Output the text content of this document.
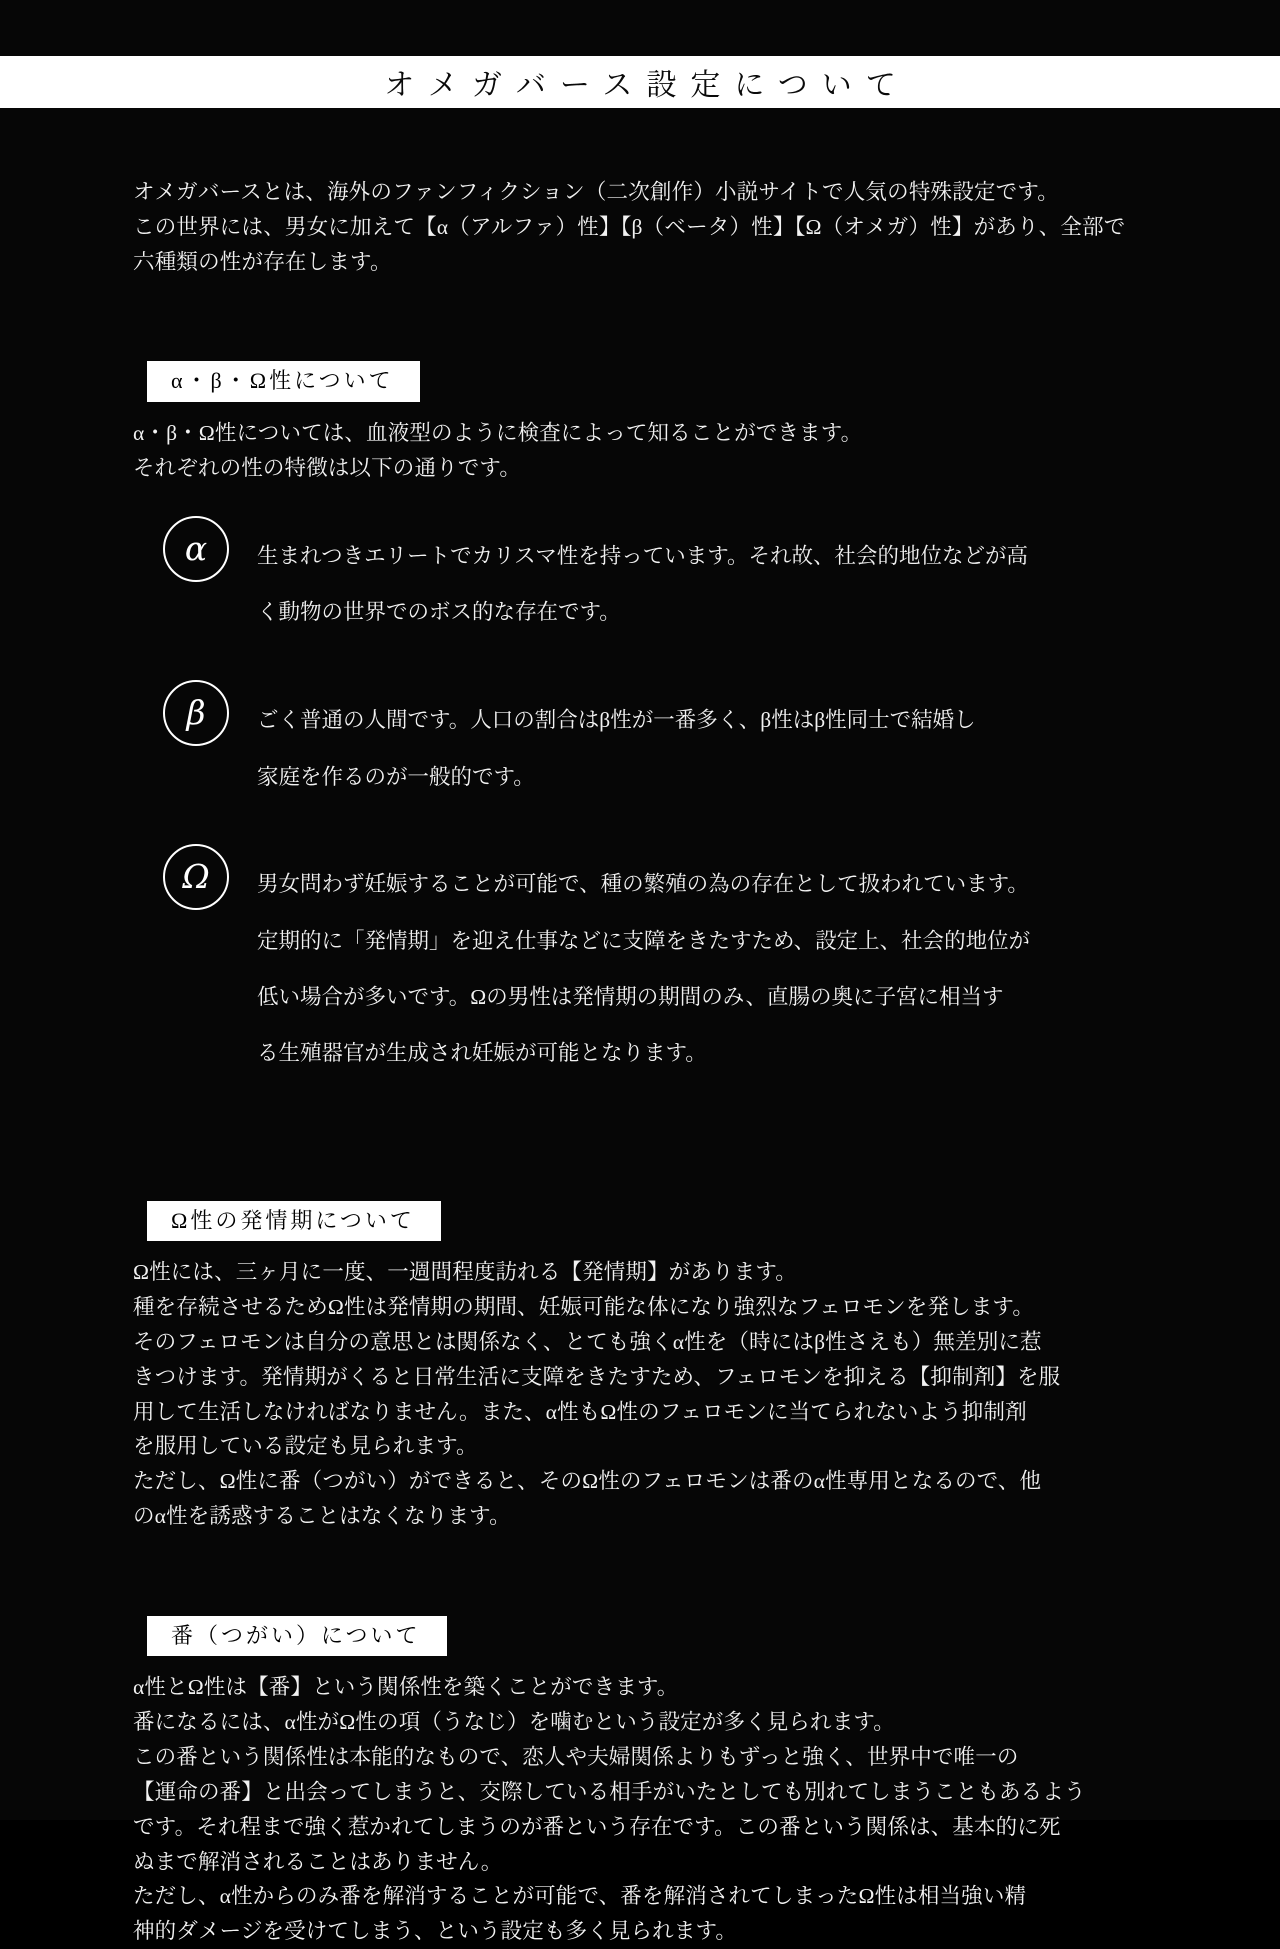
オメガバース設定について

オメガバースとは、海外のファンフィクション（二次創作）小説サイトで人気の特殊設定です。

この世界には、男女に加えて【α（アルファ）性】【β（ベータ）性】【Ω（オメガ）性】があり、全部で

六種類の性が存在します。

α・β・Ω性について

α・β・Ω性については、血液型のように検査によって知ることができます。

それぞれの性の特徴は以下の通りです。

α	生まれつきエリートでカリスマ性を持っています。それ故、社会的地位などが高

く動物の世界でのボス的な存在です。

β	ごく普通の人間です。人口の割合はβ性が一番多く、β性はβ性同士で結婚し

家庭を作るのが一般的です。

Ω	男女問わず妊娠することが可能で、種の繁殖の為の存在として扱われています。

定期的に「発情期」を迎え仕事などに支障をきたすため、設定上、社会的地位が

低い場合が多いです。Ωの男性は発情期の期間のみ、直腸の奥に子宮に相当す

る生殖器官が生成され妊娠が可能となります。

Ω性の発情期について

Ω性には、三ヶ月に一度、一週間程度訪れる【発情期】があります。

種を存続させるためΩ性は発情期の期間、妊娠可能な体になり強烈なフェロモンを発します。

そのフェロモンは自分の意思とは関係なく、とても強くα性を（時にはβ性さえも）無差別に惹

きつけます。発情期がくると日常生活に支障をきたすため、フェロモンを抑える【抑制剤】を服

用して生活しなければなりません。また、α性もΩ性のフェロモンに当てられないよう抑制剤

を服用している設定も見られます。

ただし、Ω性に番（つがい）ができると、そのΩ性のフェロモンは番のα性専用となるので、他

のα性を誘惑することはなくなります。

番（つがい）について

α性とΩ性は【番】という関係性を築くことができます。

番になるには、α性がΩ性の項（うなじ）を噛むという設定が多く見られます。

この番という関係性は本能的なもので、恋人や夫婦関係よりもずっと強く、世界中で唯一の

【運命の番】と出会ってしまうと、交際している相手がいたとしても別れてしまうこともあるよう

です。それ程まで強く惹かれてしまうのが番という存在です。この番という関係は、基本的に死

ぬまで解消されることはありません。

ただし、α性からのみ番を解消することが可能で、番を解消されてしまったΩ性は相当強い精

神的ダメージを受けてしまう、という設定も多く見られます。
